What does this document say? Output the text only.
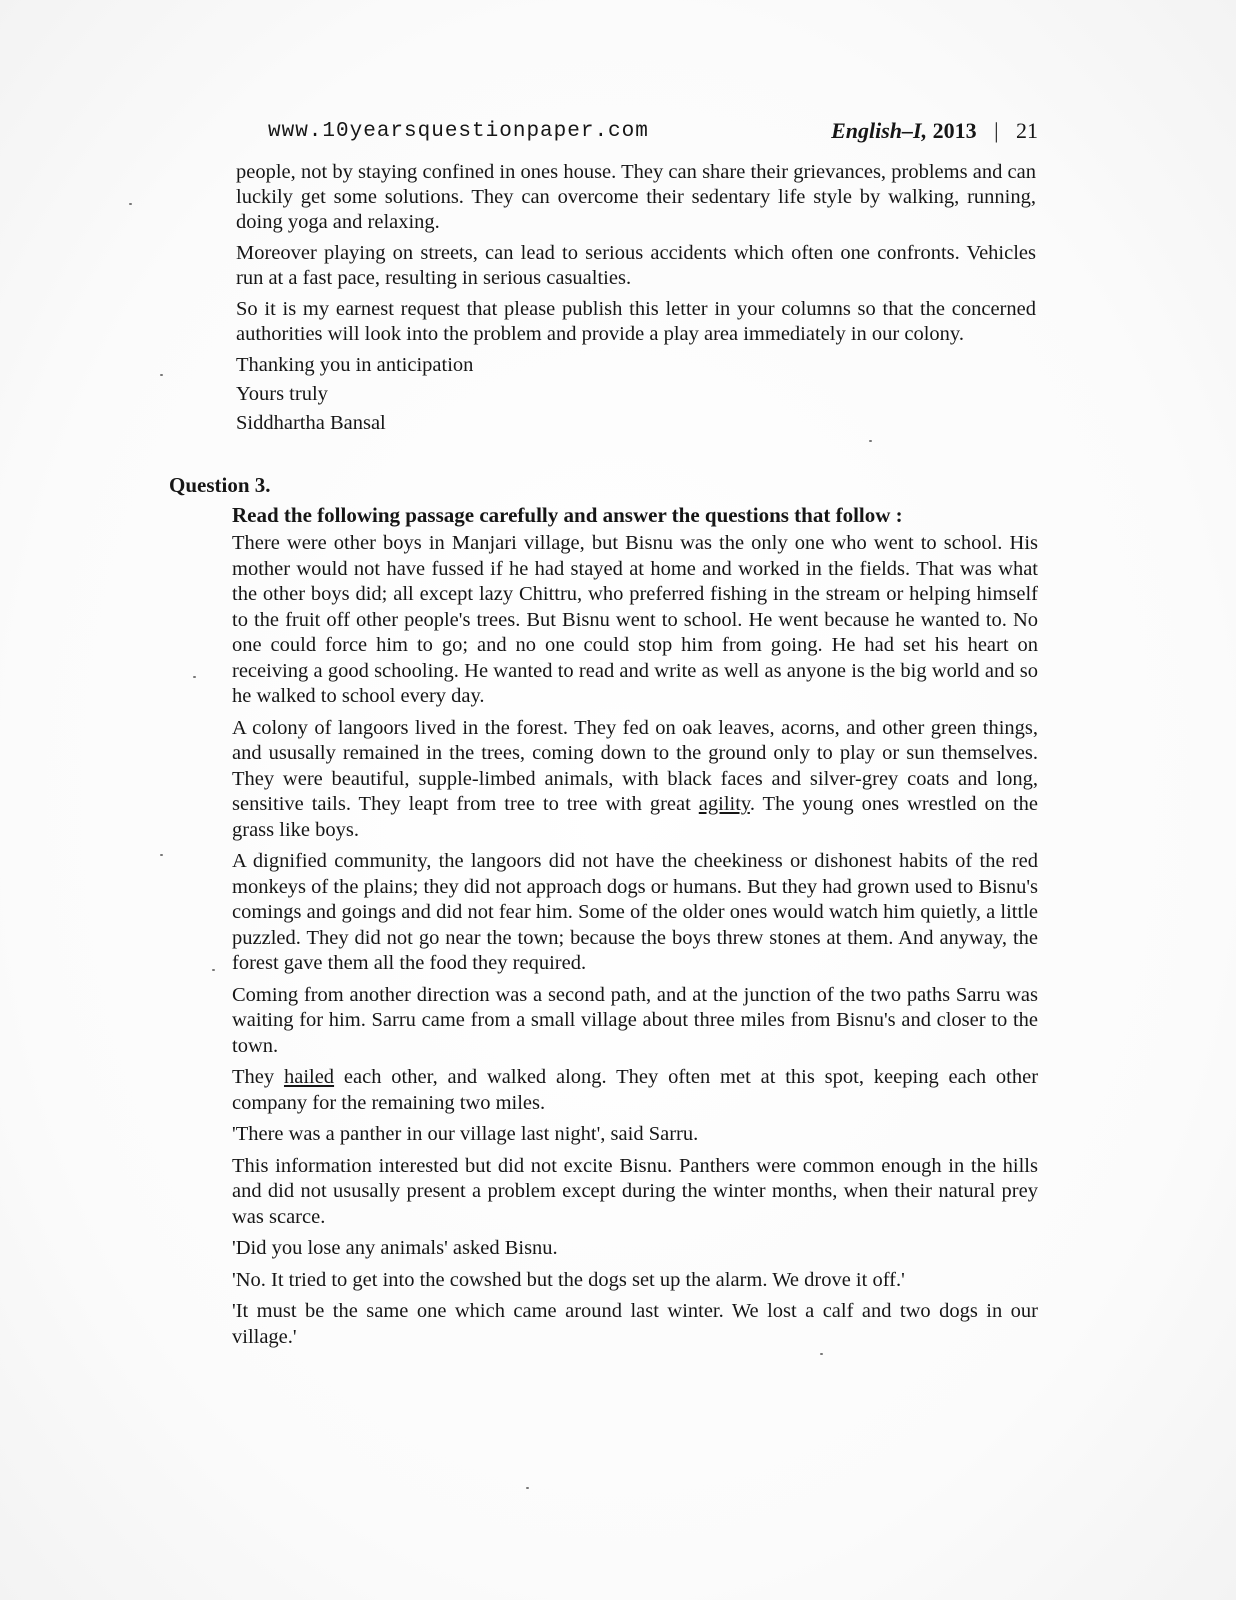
www.10yearsquestionpaper.com	English–I, 2013 | 21

people, not by staying confined in ones house. They can share their grievances, problems and can luckily get some solutions. They can overcome their sedentary life style by walking, running, doing yoga and relaxing.

Moreover playing on streets, can lead to serious accidents which often one confronts. Vehicles run at a fast pace, resulting in serious casualties.

So it is my earnest request that please publish this letter in your columns so that the concerned authorities will look into the problem and provide a play area immediately in our colony.

Thanking you in anticipation

Yours truly

Siddhartha Bansal

Question 3.

Read the following passage carefully and answer the questions that follow :

There were other boys in Manjari village, but Bisnu was the only one who went to school. His mother would not have fussed if he had stayed at home and worked in the fields. That was what the other boys did; all except lazy Chittru, who preferred fishing in the stream or helping himself to the fruit off other people's trees. But Bisnu went to school. He went because he wanted to. No one could force him to go; and no one could stop him from going. He had set his heart on receiving a good schooling. He wanted to read and write as well as anyone is the big world and so he walked to school every day.

A colony of langoors lived in the forest. They fed on oak leaves, acorns, and other green things, and ususally remained in the trees, coming down to the ground only to play or sun themselves. They were beautiful, supple-limbed animals, with black faces and silver-grey coats and long, sensitive tails. They leapt from tree to tree with great agility. The young ones wrestled on the grass like boys.

A dignified community, the langoors did not have the cheekiness or dishonest habits of the red monkeys of the plains; they did not approach dogs or humans. But they had grown used to Bisnu's comings and goings and did not fear him. Some of the older ones would watch him quietly, a little puzzled. They did not go near the town; because the boys threw stones at them. And anyway, the forest gave them all the food they required.

Coming from another direction was a second path, and at the junction of the two paths Sarru was waiting for him. Sarru came from a small village about three miles from Bisnu's and closer to the town.

They hailed each other, and walked along. They often met at this spot, keeping each other company for the remaining two miles.

'There was a panther in our village last night', said Sarru.

This information interested but did not excite Bisnu. Panthers were common enough in the hills and did not ususally present a problem except during the winter months, when their natural prey was scarce.

'Did you lose any animals' asked Bisnu.

'No. It tried to get into the cowshed but the dogs set up the alarm. We drove it off.'

'It must be the same one which came around last winter. We lost a calf and two dogs in our village.'
